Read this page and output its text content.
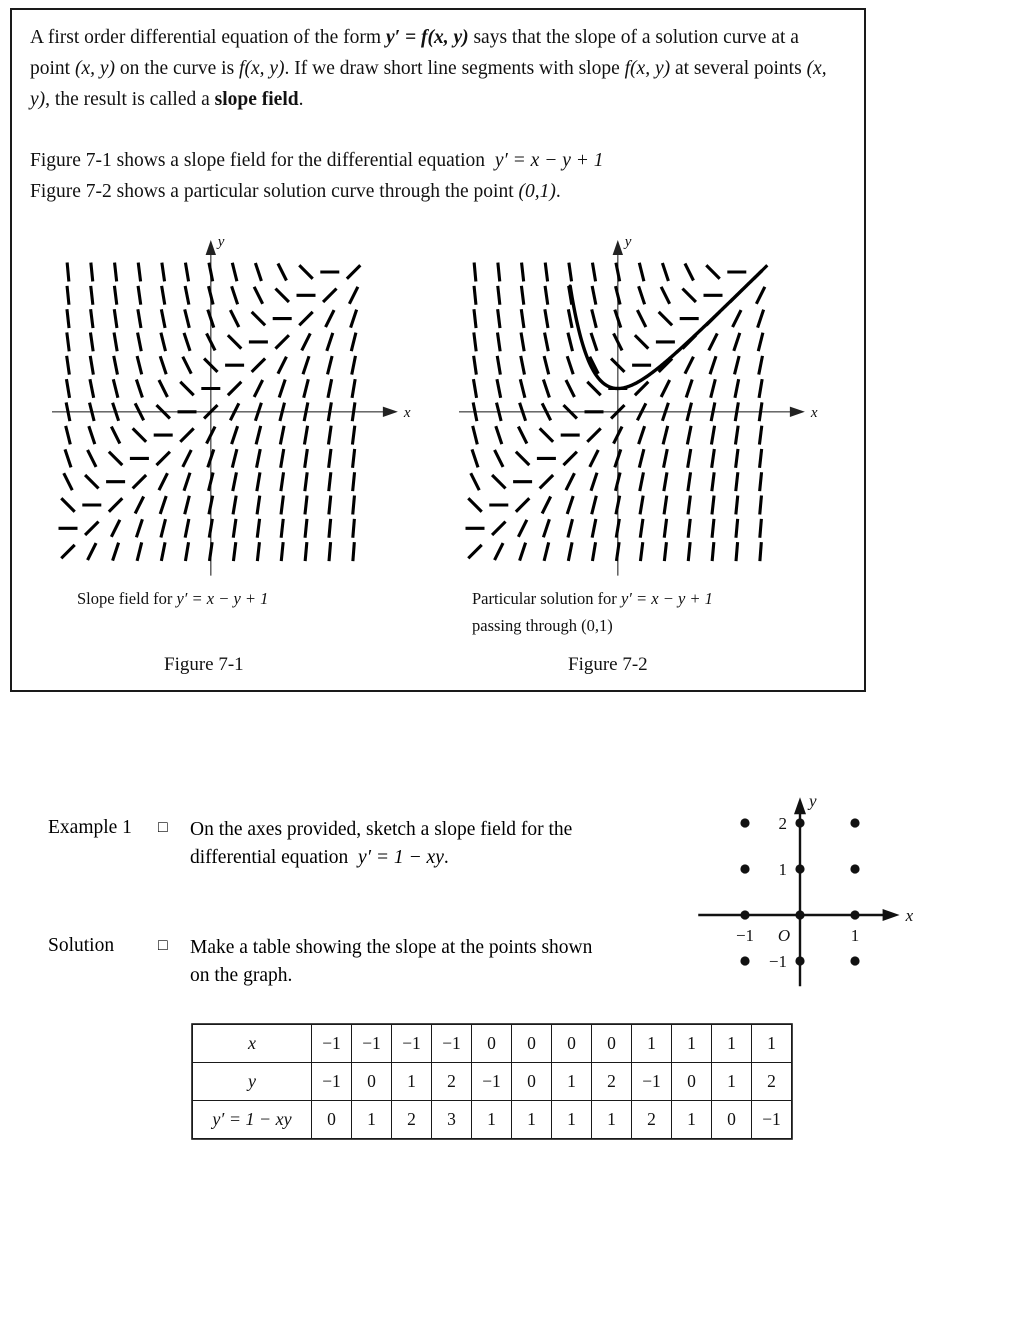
A first order differential equation of the form y′ = f(x, y) says that the slope of a solution curve at a point (x, y) on the curve is f(x, y). If we draw short line segments with slope f(x, y) at several points (x, y), the result is called a slope field.
Figure 7-1 shows a slope field for the differential equation  y′ = x − y + 1
Figure 7-2 shows a particular solution curve through the point (0,1).
x
y
x
y
Slope field for y′ = x − y + 1	Particular solution for y′ = x − y + 1
passing through (0,1)
Figure 7-1	Figure 7-2
Example 1 □ On the axes provided, sketch a slope field for the differential equation  y′ = 1 − xy.
Solution	□ Make a table showing the slope at the points shown on the graph.
x
y
2
1
−1
−1	1
O
x	−1	−1	−1	−1	0	0	0	0	1	1	1	1
y	−1	0	1	2	−1	0	1	2	−1	0	1	2
y′ = 1 − xy	0	1	2	3	1	1	1	1	2	1	0	−1
